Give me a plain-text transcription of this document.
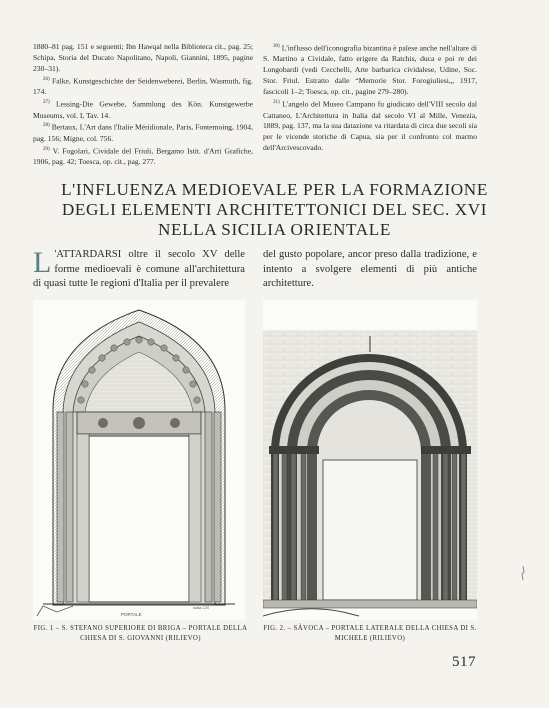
1880–81 pag. 151 e seguenti; Ibn Hawqal nella Biblioteca cit., pag. 25; Schipa, Storia del Ducato Napolitano, Napoli, Giannini, 1895, pagine 230–31).

$^{26)}$ Falke, Kunstgeschichte der Seidenweberei, Berlin, Wasmuth, fig. 174.

$^{27)}$ Lessing-Die Gewebe, Sammlung des Kön. Kunstgewerbe Museums, vol. I, Tav. 14.

$^{28)}$ Bertaux, L'Art dans l'Italie Méridionale, Paris, Fontemoing, 1904, pag. 156; Migne, col. 756.

$^{29)}$ V. Fogolari, Cividale del Friuli, Bergamo Istit. d'Arti Grafiche, 1906, pag. 42; Toesca, op. cit., pag. 277.

$^{30)}$ L'influsso dell'iconografia bizantina è palese anche nell'altare di S. Martino a Cividale, fatto erigere da Ratchis, duca e poi re dei Longobardi (vedi Cecchelli, Arte barbarica cividalese, Udine, Soc. Stor. Friul. Estratto dalle “Memorie Stor. Forogiuliesi„, 1917, fascicoli 1–2; Toesca, op. cit., pagine 279–280).

$^{31)}$ L'angelo del Museo Campano fu giudicato dell'VIII secolo dal Cattaneo, L'Architettura in Italia dal secolo VI al Mille, Venezia, 1889, pag. 137, ma la sua datazione va ritardata di circa due secoli sia per le vicende storiche di Capua, sia per il confronto col marmo dell'Arcivescovado.

L'INFLUENZA MEDIOEVALE PER LA FORMAZIONE
DEGLI ELEMENTI ARCHITETTONICI DEL SEC. XVI
NELLA SICILIA ORIENTALE
L 'ATTARDARSI oltre il secolo XV delle forme medioevali è comune all'architettura di quasi tutte le regioni d'Italia per il prevalere

del gusto popolare, ancor preso dalla tradizione, e intento a svolgere elementi di più antiche architetture.

PORTALE
scala 1:20
FIG. 1 – S. STEFANO SUPERIORE DI BRIGA – PORTALE DELLA CHIESA DI S. GIOVANNI (RILIEVO)
FIG. 2. – SÀVOCA – PORTALE LATERALE DELLA CHIESA DI S. MICHELE (RILIEVO)
517
